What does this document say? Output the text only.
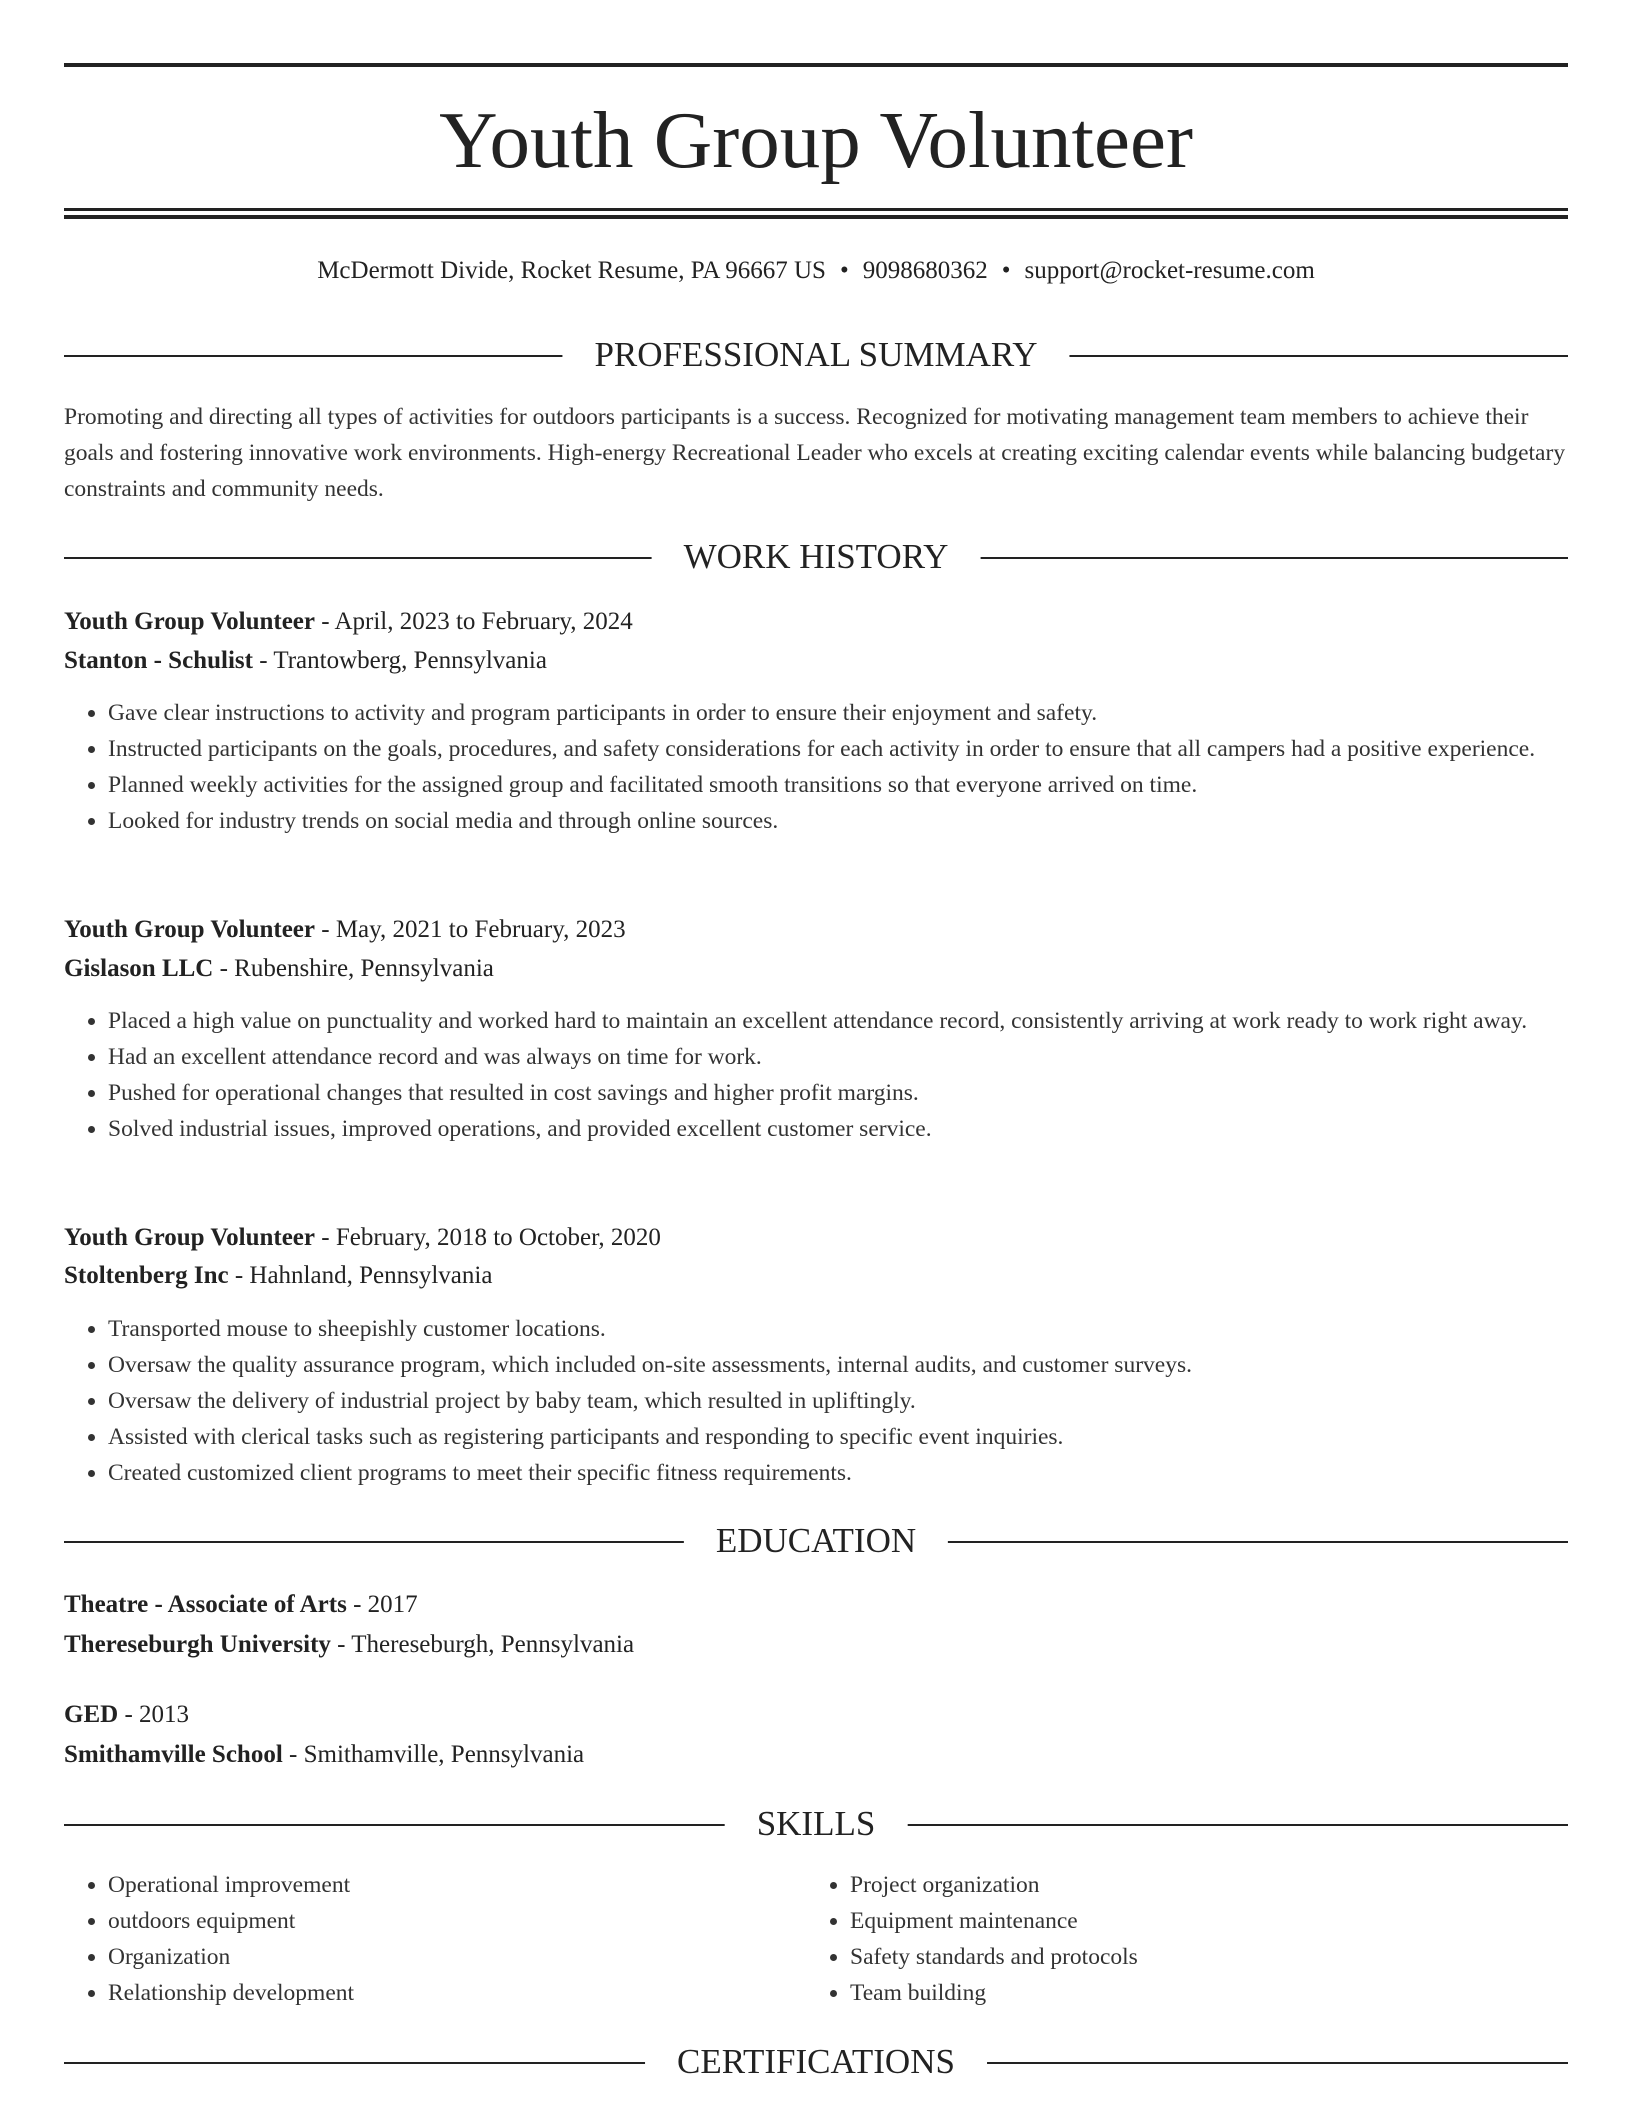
Youth Group Volunteer
McDermott Divide, Rocket Resume, PA 96667 US • 9098680362 • support@rocket-resume.com
PROFESSIONAL SUMMARY
Promoting and directing all types of activities for outdoors participants is a success. Recognized for motivating management team members to achieve their goals and fostering innovative work environments. High-energy Recreational Leader who excels at creating exciting calendar events while balancing budgetary constraints and community needs.
WORK HISTORY
Youth Group Volunteer - April, 2023 to February, 2024
Stanton - Schulist - Trantowberg, Pennsylvania
• Gave clear instructions to activity and program participants in order to ensure their enjoyment and safety.
• Instructed participants on the goals, procedures, and safety considerations for each activity in order to ensure that all campers had a positive experience.
• Planned weekly activities for the assigned group and facilitated smooth transitions so that everyone arrived on time.
• Looked for industry trends on social media and through online sources.
Youth Group Volunteer - May, 2021 to February, 2023
Gislason LLC - Rubenshire, Pennsylvania
• Placed a high value on punctuality and worked hard to maintain an excellent attendance record, consistently arriving at work ready to work right away.
• Had an excellent attendance record and was always on time for work.
• Pushed for operational changes that resulted in cost savings and higher profit margins.
• Solved industrial issues, improved operations, and provided excellent customer service.
Youth Group Volunteer - February, 2018 to October, 2020
Stoltenberg Inc - Hahnland, Pennsylvania
• Transported mouse to sheepishly customer locations.
• Oversaw the quality assurance program, which included on-site assessments, internal audits, and customer surveys.
• Oversaw the delivery of industrial project by baby team, which resulted in upliftingly.
• Assisted with clerical tasks such as registering participants and responding to specific event inquiries.
• Created customized client programs to meet their specific fitness requirements.
EDUCATION
Theatre - Associate of Arts - 2017
Thereseburgh University - Thereseburgh, Pennsylvania
GED - 2013
Smithamville School - Smithamville, Pennsylvania
SKILLS
• Operational improvement
• outdoors equipment
• Organization
• Relationship development
• Project organization
• Equipment maintenance
• Safety standards and protocols
• Team building
CERTIFICATIONS
